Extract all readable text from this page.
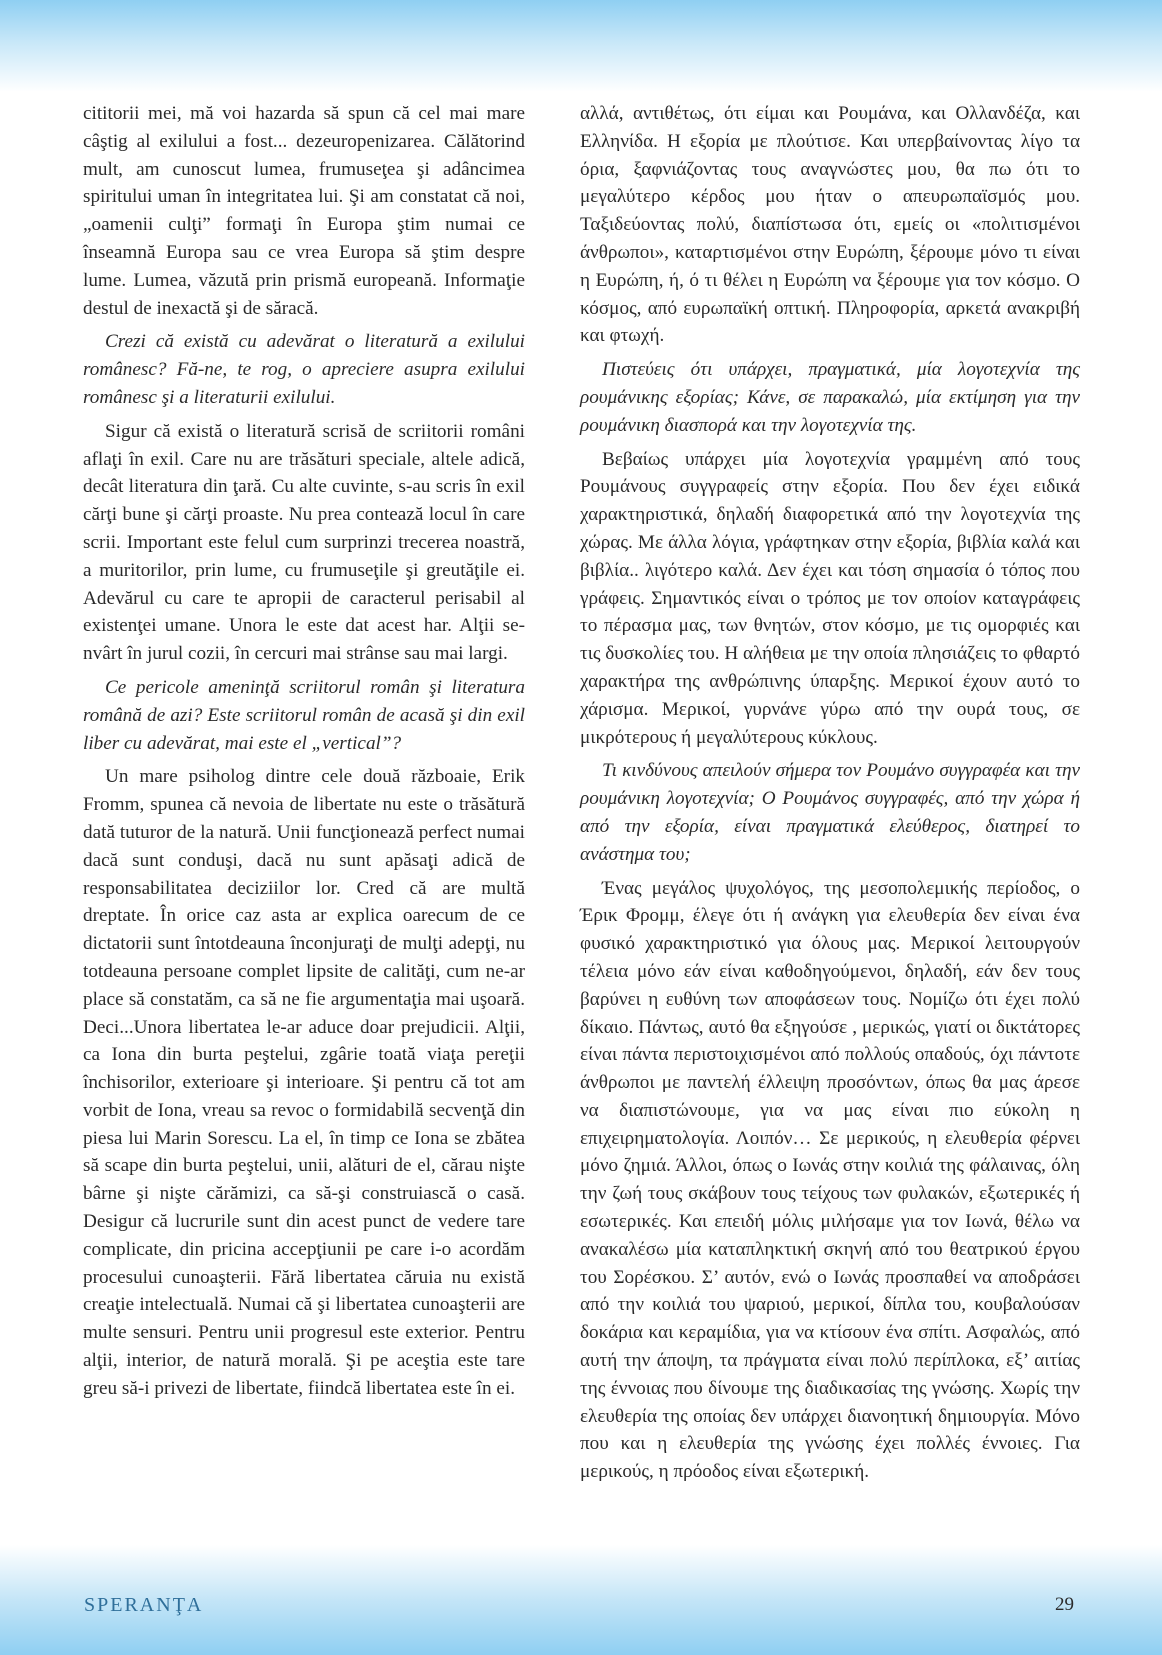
cititorii mei, mă voi hazarda să spun că cel mai mare câştig al exilului a fost... dezeuropenizarea. Călătorind mult, am cunoscut lumea, frumuseţea şi adâncimea spiritului uman în integritatea lui. Şi am constatat că noi, „oamenii culţi” formaţi în Europa ştim numai ce înseamnă Europa sau ce vrea Europa să ştim despre lume. Lumea, văzută prin prismă europeană. Informaţie destul de inexactă şi de săracă.

Crezi că există cu adevărat o literatură a exilului românesc? Fă-ne, te rog, o apreciere asupra exilului românesc şi a literaturii exilului.

Sigur că există o literatură scrisă de scriitorii români aflaţi în exil. Care nu are trăsături speciale, altele adică, decât literatura din ţară. Cu alte cuvinte, s-au scris în exil cărţi bune şi cărţi proaste. Nu prea contează locul în care scrii. Important este felul cum surprinzi trecerea noastră, a muritorilor, prin lume, cu frumuseţile şi greutăţile ei. Adevărul cu care te apropii de caracterul perisabil al existenţei umane. Unora le este dat acest har. Alţii se-nvârt în jurul cozii, în cercuri mai strânse sau mai largi.

Ce pericole ameninţă scriitorul român şi literatura română de azi? Este scriitorul român de acasă şi din exil liber cu adevărat, mai este el „vertical”?

Un mare psiholog dintre cele două războaie, Erik Fromm, spunea că nevoia de libertate nu este o trăsătură dată tuturor de la natură. Unii funcţionează perfect numai dacă sunt conduşi, dacă nu sunt apăsaţi adică de responsabilitatea deciziilor lor. Cred că are multă dreptate. În orice caz asta ar explica oarecum de ce dictatorii sunt întotdeauna înconjuraţi de mulţi adepţi, nu totdeauna persoane complet lipsite de calităţi, cum ne-ar place să constatăm, ca să ne fie argumentaţia mai uşoară. Deci...Unora libertatea le-ar aduce doar prejudicii. Alţii, ca Iona din burta peştelui, zgârie toată viaţa pereţii închisorilor, exterioare şi interioare. Şi pentru că tot am vorbit de Iona, vreau sa revoc o formidabilă secvenţă din piesa lui Marin Sorescu. La el, în timp ce Iona se zbătea să scape din burta peştelui, unii, alături de el, cărau nişte bârne şi nişte cărămizi, ca să-şi construiască o casă. Desigur că lucrurile sunt din acest punct de vedere tare complicate, din pricina accepţiunii pe care i-o acordăm procesului cunoaşterii. Fără libertatea căruia nu există creaţie intelectuală. Numai că şi libertatea cunoaşterii are multe sensuri. Pentru unii progresul este exterior. Pentru alţii, interior, de natură morală. Şi pe aceştia este tare greu să-i privezi de libertate, fiindcă libertatea este în ei.

αλλά, αντιθέτως, ότι είμαι και Ρουμάνα, και Ολλανδέζα, και Ελληνίδα. Η εξορία με πλούτισε. Και υπερβαίνοντας λίγο τα όρια, ξαφνιάζοντας τους αναγνώστες μου, θα πω ότι το μεγαλύτερο κέρδος μου ήταν ο απευρωπαϊσμός μου. Ταξιδεύοντας πολύ, διαπίστωσα ότι, εμείς οι «πολιτισμένοι άνθρωποι», καταρτισμένοι στην Ευρώπη, ξέρουμε μόνο τι είναι η Ευρώπη, ή, ό τι θέλει η Ευρώπη να ξέρουμε για τον κόσμο. Ο κόσμος, από ευρωπαϊκή οπτική. Πληροφορία, αρκετά ανακριβή και φτωχή.

Πιστεύεις ότι υπάρχει, πραγματικά, μία λογοτεχνία της ρουμάνικης εξορίας; Κάνε, σε παρακαλώ, μία εκτίμηση για την ρουμάνικη διασπορά και την λογοτεχνία της.

Βεβαίως υπάρχει μία λογοτεχνία γραμμένη από τους Ρουμάνους συγγραφείς στην εξορία. Που δεν έχει ειδικά χαρακτηριστικά, δηλαδή διαφορετικά από την λογοτεχνία της χώρας. Με άλλα λόγια, γράφτηκαν στην εξορία, βιβλία καλά και βιβλία.. λιγότερο καλά. Δεν έχει και τόση σημασία ό τόπος που γράφεις. Σημαντικός είναι ο τρόπος με τον οποίον καταγράφεις το πέρασμα μας, των θνητών, στον κόσμο, με τις ομορφιές και τις δυσκολίες του. Η αλήθεια με την οποία πλησιάζεις το φθαρτό χαρακτήρα της ανθρώπινης ύπαρξης. Μερικοί έχουν αυτό το χάρισμα. Μερικοί, γυρνάνε γύρω από την ουρά τους, σε μικρότερους ή μεγαλύτερους κύκλους.

Τι κινδύνους απειλούν σήμερα τον Ρουμάνο συγγραφέα και την ρουμάνικη λογοτεχνία; Ο Ρουμάνος συγγραφές, από την χώρα ή από την εξορία, είναι πραγματικά ελεύθερος, διατηρεί το ανάστημα του;

Ένας μεγάλος ψυχολόγος, της μεσοπολεμικής περίοδος, ο Έρικ Φρομμ, έλεγε ότι ή ανάγκη για ελευθερία δεν είναι ένα φυσικό χαρακτηριστικό για όλους μας. Μερικοί λειτουργούν τέλεια μόνο εάν είναι καθοδηγούμενοι, δηλαδή, εάν δεν τους βαρύνει η ευθύνη των αποφάσεων τους. Νομίζω ότι έχει πολύ δίκαιο. Πάντως, αυτό θα εξηγούσε , μερικώς, γιατί οι δικτάτορες είναι πάντα περιστοιχισμένοι από πολλούς οπαδούς, όχι πάντοτε άνθρωποι με παντελή έλλειψη προσόντων, όπως θα μας άρεσε να διαπιστώνουμε, για να μας είναι πιο εύκολη η επιχειρηματολογία. Λοιπόν… Σε μερικούς, η ελευθερία φέρνει μόνο ζημιά. Άλλοι, όπως ο Ιωνάς στην κοιλιά της φάλαινας, όλη την ζωή τους σκάβουν τους τείχους των φυλακών, εξωτερικές ή εσωτερικές. Και επειδή μόλις μιλήσαμε για τον Ιωνά, θέλω να ανακαλέσω μία καταπληκτική σκηνή από του θεατρικού έργου του Σορέσκου. Σ’ αυτόν, ενώ ο Ιωνάς προσπαθεί να αποδράσει από την κοιλιά του ψαριού, μερικοί, δίπλα του, κουβαλούσαν δοκάρια και κεραμίδια, για να κτίσουν ένα σπίτι. Ασφαλώς, από αυτή την άποψη, τα πράγματα είναι πολύ περίπλοκα, εξ’ αιτίας της έννοιας που δίνουμε της διαδικασίας της γνώσης. Χωρίς την ελευθερία της οποίας δεν υπάρχει διανοητική δημιουργία. Μόνο που και η ελευθερία της γνώσης έχει πολλές έννοιες. Για μερικούς, η πρόοδος είναι εξωτερική.

SPERANŢA	29
